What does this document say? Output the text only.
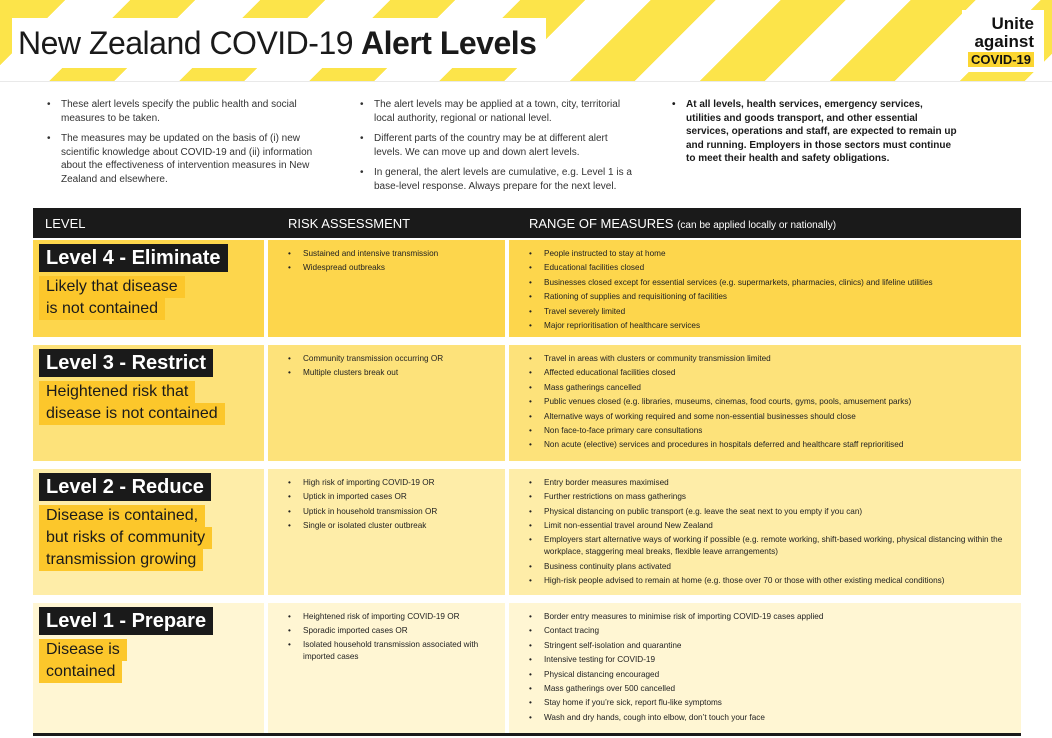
New Zealand COVID-19 Alert Levels
Unite
against
COVID-19
• These alert levels specify the public health and social measures to be taken.
• The measures may be updated on the basis of (i) new scientific knowledge about COVID-19 and (ii) information about the effectiveness of intervention measures in New Zealand and elsewhere.
• The alert levels may be applied at a town, city, territorial local authority, regional or national level.
• Different parts of the country may be at different alert levels. We can move up and down alert levels.
• In general, the alert levels are cumulative, e.g. Level 1 is a base-level response. Always prepare for the next level.
• At all levels, health services, emergency services, utilities and goods transport, and other essential services, operations and staff, are expected to remain up and running. Employers in those sectors must continue to meet their health and safety obligations.
LEVEL	RISK ASSESSMENT	RANGE OF MEASURES (can be applied locally or nationally)
Level 4 - Eliminate
Likely that disease
is not contained
• Sustained and intensive transmission
• Widespread outbreaks
• People instructed to stay at home
• Educational facilities closed
• Businesses closed except for essential services (e.g. supermarkets, pharmacies, clinics) and lifeline utilities
• Rationing of supplies and requisitioning of facilities
• Travel severely limited
• Major reprioritisation of healthcare services
Level 3 - Restrict
Heightened risk that
disease is not contained
• Community transmission occurring OR
• Multiple clusters break out
• Travel in areas with clusters or community transmission limited
• Affected educational facilities closed
• Mass gatherings cancelled
• Public venues closed (e.g. libraries, museums, cinemas, food courts, gyms, pools, amusement parks)
• Alternative ways of working required and some non-essential businesses should close
• Non face-to-face primary care consultations
• Non acute (elective) services and procedures in hospitals deferred and healthcare staff reprioritised
Level 2 - Reduce
Disease is contained,
but risks of community
transmission growing
• High risk of importing COVID-19 OR
• Uptick in imported cases OR
• Uptick in household transmission OR
• Single or isolated cluster outbreak
• Entry border measures maximised
• Further restrictions on mass gatherings
• Physical distancing on public transport (e.g. leave the seat next to you empty if you can)
• Limit non-essential travel around New Zealand
• Employers start alternative ways of working if possible (e.g. remote working, shift-based working, physical distancing within the workplace, staggering meal breaks, flexible leave arrangements)
• Business continuity plans activated
• High-risk people advised to remain at home (e.g. those over 70 or those with other existing medical conditions)
Level 1 - Prepare
Disease is
contained
• Heightened risk of importing COVID-19 OR
• Sporadic imported cases OR
• Isolated household transmission associated with imported cases
• Border entry measures to minimise risk of importing COVID-19 cases applied
• Contact tracing
• Stringent self-isolation and quarantine
• Intensive testing for COVID-19
• Physical distancing encouraged
• Mass gatherings over 500 cancelled
• Stay home if you’re sick, report flu-like symptoms
• Wash and dry hands, cough into elbow, don’t touch your face
